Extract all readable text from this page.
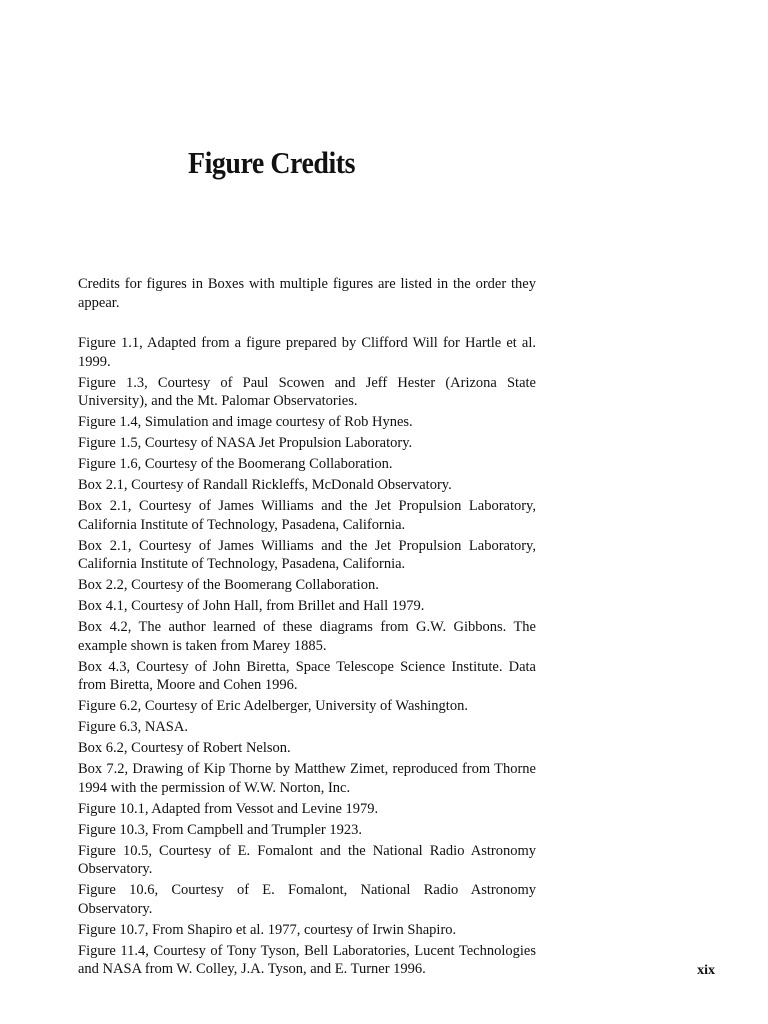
Figure Credits

Credits for figures in Boxes with multiple figures are listed in the order they appear.

Figure 1.1, Adapted from a figure prepared by Clifford Will for Hartle et al. 1999.
Figure 1.3, Courtesy of Paul Scowen and Jeff Hester (Arizona State University), and the Mt. Palomar Observatories.
Figure 1.4, Simulation and image courtesy of Rob Hynes.
Figure 1.5, Courtesy of NASA Jet Propulsion Laboratory.
Figure 1.6, Courtesy of the Boomerang Collaboration.
Box 2.1, Courtesy of Randall Rickleffs, McDonald Observatory.
Box 2.1, Courtesy of James Williams and the Jet Propulsion Laboratory, California Institute of Technology, Pasadena, California.
Box 2.1, Courtesy of James Williams and the Jet Propulsion Laboratory, California Institute of Technology, Pasadena, California.
Box 2.2, Courtesy of the Boomerang Collaboration.
Box 4.1, Courtesy of John Hall, from Brillet and Hall 1979.
Box 4.2, The author learned of these diagrams from G.W. Gibbons. The example shown is taken from Marey 1885.
Box 4.3, Courtesy of John Biretta, Space Telescope Science Institute. Data from Biretta, Moore and Cohen 1996.
Figure 6.2, Courtesy of Eric Adelberger, University of Washington.
Figure 6.3, NASA.
Box 6.2, Courtesy of Robert Nelson.
Box 7.2, Drawing of Kip Thorne by Matthew Zimet, reproduced from Thorne 1994 with the permission of W.W. Norton, Inc.
Figure 10.1, Adapted from Vessot and Levine 1979.
Figure 10.3, From Campbell and Trumpler 1923.
Figure 10.5, Courtesy of E. Fomalont and the National Radio Astronomy Observatory.
Figure 10.6, Courtesy of E. Fomalont, National Radio Astronomy Observatory.
Figure 10.7, From Shapiro et al. 1977, courtesy of Irwin Shapiro.
Figure 11.4, Courtesy of Tony Tyson, Bell Laboratories, Lucent Technologies and NASA from W. Colley, J.A. Tyson, and E. Turner 1996.	xix
